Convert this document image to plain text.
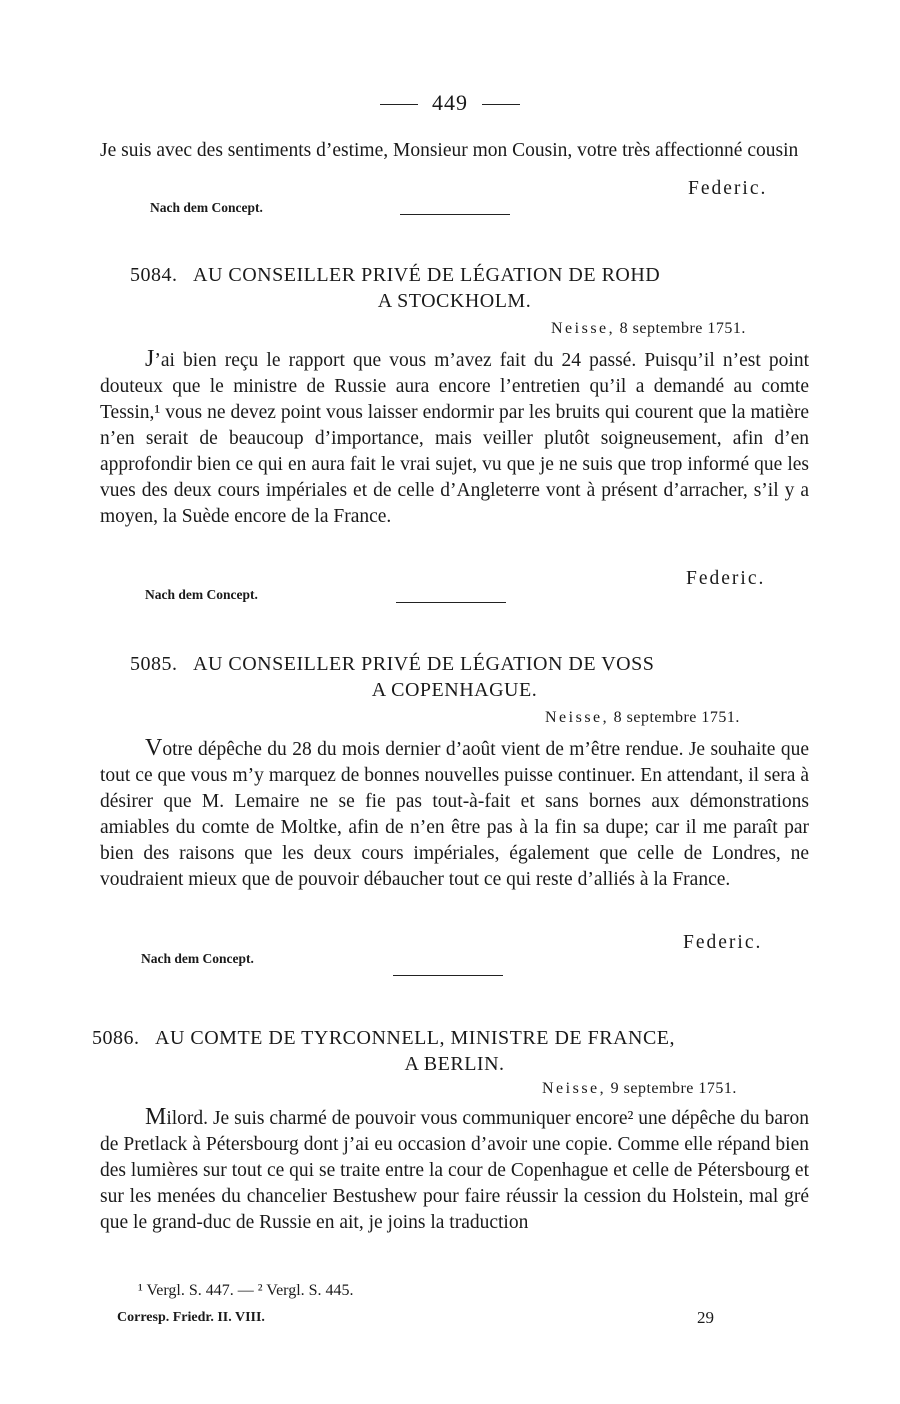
449
Je suis avec des sentiments d’estime, Monsieur mon Cousin, votre très affectionné cousin
Federic.
Nach dem Concept.
5084. AU CONSEILLER PRIVÉ DE LÉGATION DE ROHD
A STOCKHOLM.
Neisse, 8 septembre 1751.
J’ai bien reçu le rapport que vous m’avez fait du 24 passé. Puisqu’il n’est point douteux que le ministre de Russie aura encore l’entretien qu’il a demandé au comte Tessin,¹ vous ne devez point vous laisser endormir par les bruits qui courent que la matière n’en serait de beaucoup d’importance, mais veiller plutôt soigneusement, afin d’en approfondir bien ce qui en aura fait le vrai sujet, vu que je ne suis que trop informé que les vues des deux cours impériales et de celle d’Angleterre vont à présent d’arracher, s’il y a moyen, la Suède encore de la France.
Federic.
Nach dem Concept.
5085. AU CONSEILLER PRIVÉ DE LÉGATION DE VOSS
A COPENHAGUE.
Neisse, 8 septembre 1751.
Votre dépêche du 28 du mois dernier d’août vient de m’être rendue. Je souhaite que tout ce que vous m’y marquez de bonnes nouvelles puisse continuer. En attendant, il sera à désirer que M. Lemaire ne se fie pas tout-à-fait et sans bornes aux démonstrations amiables du comte de Moltke, afin de n’en être pas à la fin sa dupe; car il me paraît par bien des raisons que les deux cours impériales, également que celle de Londres, ne voudraient mieux que de pouvoir débaucher tout ce qui reste d’alliés à la France.
Federic.
Nach dem Concept.
5086. AU COMTE DE TYRCONNELL, MINISTRE DE FRANCE,
A BERLIN.
Neisse, 9 septembre 1751.
Milord. Je suis charmé de pouvoir vous communiquer encore² une dépêche du baron de Pretlack à Pétersbourg dont j’ai eu occasion d’avoir une copie. Comme elle répand bien des lumières sur tout ce qui se traite entre la cour de Copenhague et celle de Pétersbourg et sur les menées du chancelier Bestushew pour faire réussir la cession du Holstein, mal gré que le grand-duc de Russie en ait, je joins la traduction
¹ Vergl. S. 447. — ² Vergl. S. 445.
Corresp. Friedr. II. VIII.	29
